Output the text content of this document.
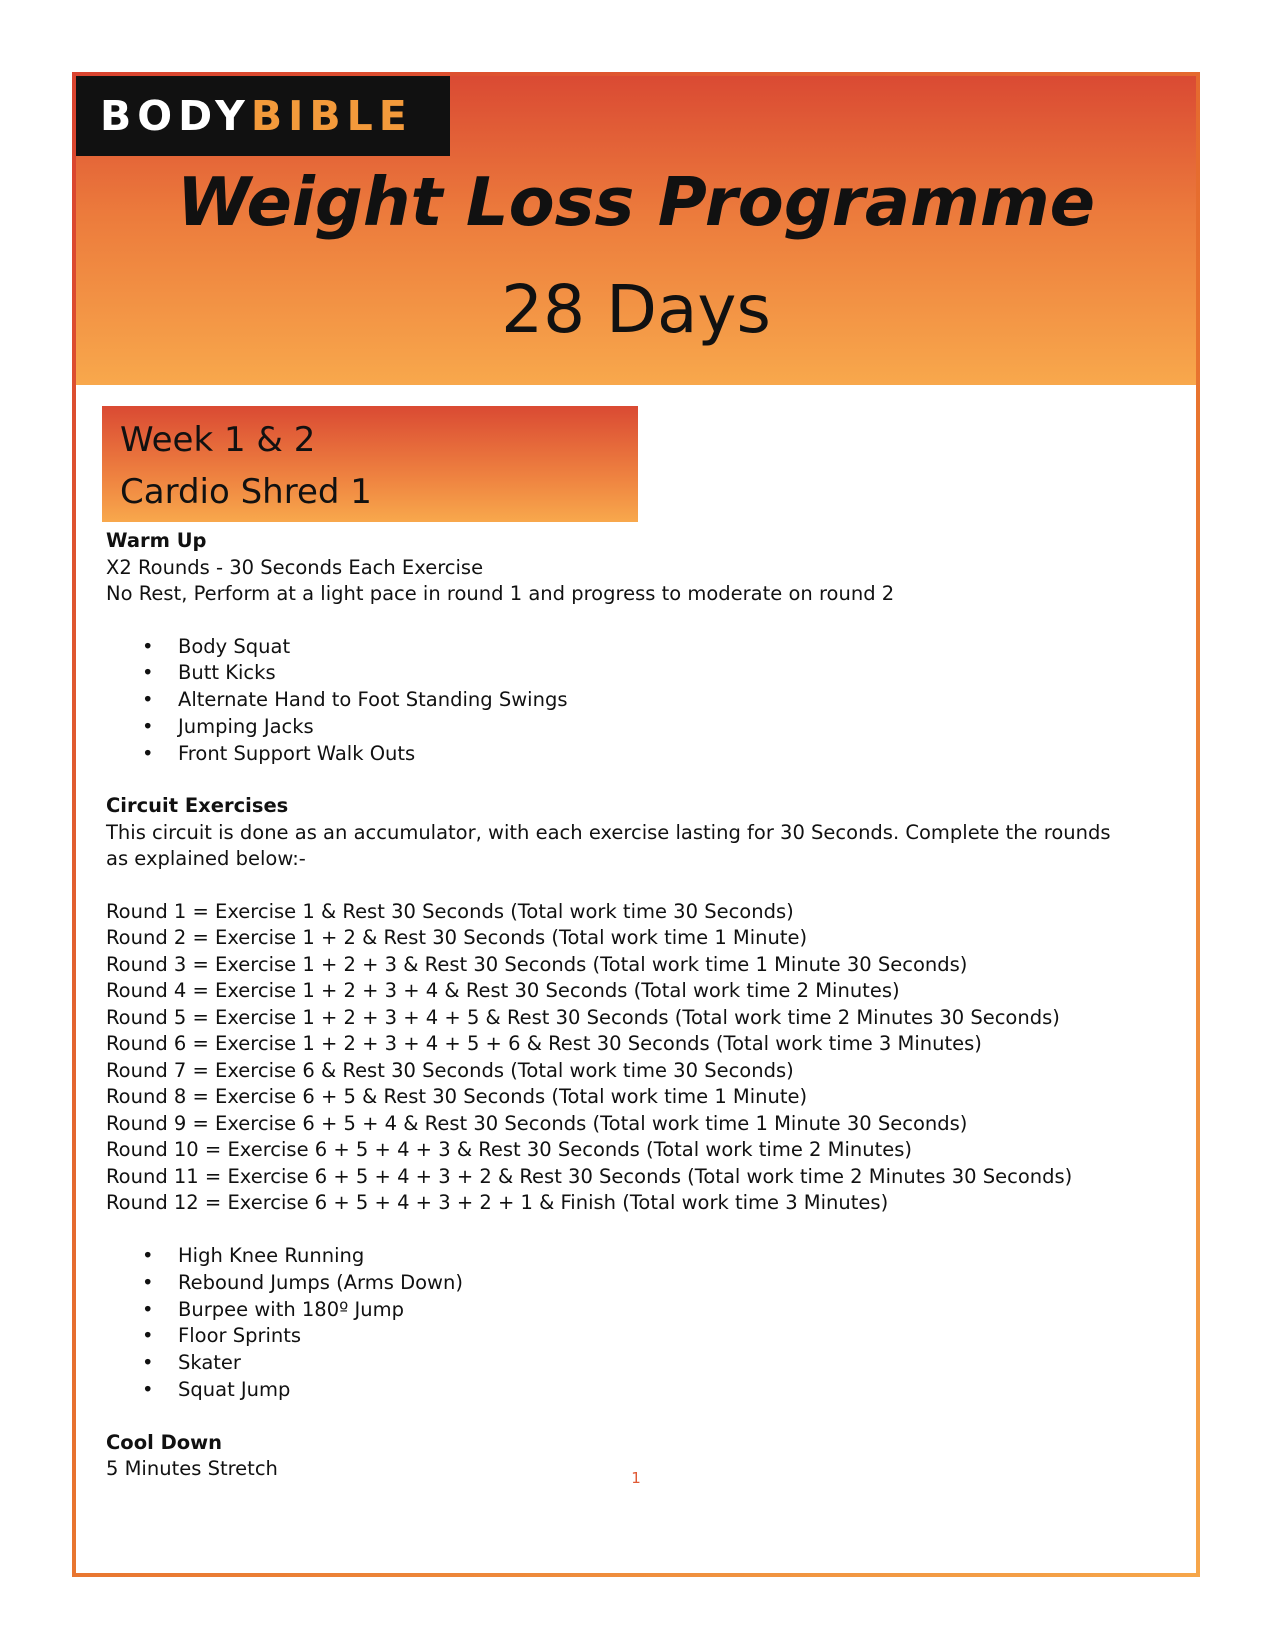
BODYBIBLE
Weight Loss Programme
28 Days
Week 1 & 2
Cardio Shred 1

Warm Up

X2 Rounds - 30 Seconds Each Exercise

No Rest, Perform at a light pace in round 1 and progress to moderate on round 2

• Body Squat
• Butt Kicks
• Alternate Hand to Foot Standing Swings
• Jumping Jacks
• Front Support Walk Outs

Circuit Exercises

This circuit is done as an accumulator, with each exercise lasting for 30 Seconds. Complete the rounds as explained below:-

Round 1 = Exercise 1 & Rest 30 Seconds (Total work time 30 Seconds)

Round 2 = Exercise 1 + 2 & Rest 30 Seconds (Total work time 1 Minute)

Round 3 = Exercise 1 + 2 + 3 & Rest 30 Seconds (Total work time 1 Minute 30 Seconds)

Round 4 = Exercise 1 + 2 + 3 + 4 & Rest 30 Seconds (Total work time 2 Minutes)

Round 5 = Exercise 1 + 2 + 3 + 4 + 5 & Rest 30 Seconds (Total work time 2 Minutes 30 Seconds)

Round 6 = Exercise 1 + 2 + 3 + 4 + 5 + 6 & Rest 30 Seconds (Total work time 3 Minutes)

Round 7 = Exercise 6 & Rest 30 Seconds (Total work time 30 Seconds)

Round 8 = Exercise 6 + 5 & Rest 30 Seconds (Total work time 1 Minute)

Round 9 = Exercise 6 + 5 + 4 & Rest 30 Seconds (Total work time 1 Minute 30 Seconds)

Round 10 = Exercise 6 + 5 + 4 + 3 & Rest 30 Seconds (Total work time 2 Minutes)

Round 11 = Exercise 6 + 5 + 4 + 3 + 2 & Rest 30 Seconds (Total work time 2 Minutes 30 Seconds)

Round 12 = Exercise 6 + 5 + 4 + 3 + 2 + 1 & Finish (Total work time 3 Minutes)

• High Knee Running
• Rebound Jumps (Arms Down)
• Burpee with 180º Jump
• Floor Sprints
• Skater
• Squat Jump

Cool Down

5 Minutes Stretch	1
